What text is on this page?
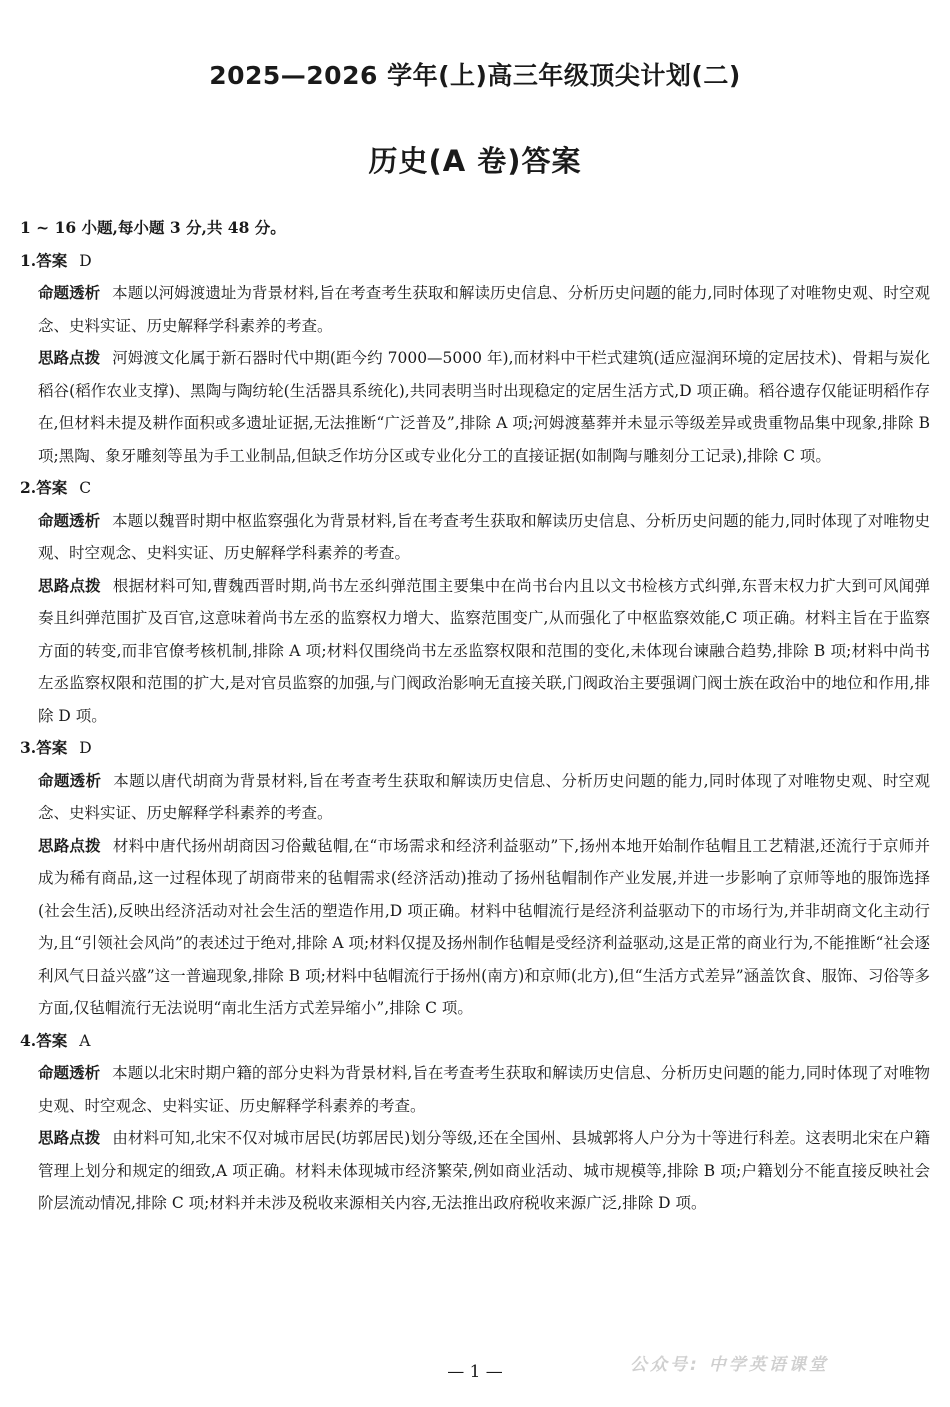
2025—2026 学年(上)高三年级顶尖计划(二)
历史(A 卷)答案
1 ~ 16 小题,每小题 3 分,共 48 分。
1.答案 D
命题透析 本题以河姆渡遗址为背景材料,旨在考查考生获取和解读历史信息、分析历史问题的能力,同时体现了对唯物史观、时空观念、史料实证、历史解释学科素养的考查。
思路点拨 河姆渡文化属于新石器时代中期(距今约 7000—5000 年),而材料中干栏式建筑(适应湿润环境的定居技术)、骨耜与炭化稻谷(稻作农业支撑)、黑陶与陶纺轮(生活器具系统化),共同表明当时出现稳定的定居生活方式,D 项正确。稻谷遗存仅能证明稻作存在,但材料未提及耕作面积或多遗址证据,无法推断“广泛普及”,排除 A 项;河姆渡墓葬并未显示等级差异或贵重物品集中现象,排除 B 项;黑陶、象牙雕刻等虽为手工业制品,但缺乏作坊分区或专业化分工的直接证据(如制陶与雕刻分工记录),排除 C 项。
2.答案 C
命题透析 本题以魏晋时期中枢监察强化为背景材料,旨在考查考生获取和解读历史信息、分析历史问题的能力,同时体现了对唯物史观、时空观念、史料实证、历史解释学科素养的考查。
思路点拨 根据材料可知,曹魏西晋时期,尚书左丞纠弹范围主要集中在尚书台内且以文书检核方式纠弹,东晋末权力扩大到可风闻弹奏且纠弹范围扩及百官,这意味着尚书左丞的监察权力增大、监察范围变广,从而强化了中枢监察效能,C 项正确。材料主旨在于监察方面的转变,而非官僚考核机制,排除 A 项;材料仅围绕尚书左丞监察权限和范围的变化,未体现台谏融合趋势,排除 B 项;材料中尚书左丞监察权限和范围的扩大,是对官员监察的加强,与门阀政治影响无直接关联,门阀政治主要强调门阀士族在政治中的地位和作用,排除 D 项。
3.答案 D
命题透析 本题以唐代胡商为背景材料,旨在考查考生获取和解读历史信息、分析历史问题的能力,同时体现了对唯物史观、时空观念、史料实证、历史解释学科素养的考查。
思路点拨 材料中唐代扬州胡商因习俗戴毡帽,在“市场需求和经济利益驱动”下,扬州本地开始制作毡帽且工艺精湛,还流行于京师并成为稀有商品,这一过程体现了胡商带来的毡帽需求(经济活动)推动了扬州毡帽制作产业发展,并进一步影响了京师等地的服饰选择(社会生活),反映出经济活动对社会生活的塑造作用,D 项正确。材料中毡帽流行是经济利益驱动下的市场行为,并非胡商文化主动行为,且“引领社会风尚”的表述过于绝对,排除 A 项;材料仅提及扬州制作毡帽是受经济利益驱动,这是正常的商业行为,不能推断“社会逐利风气日益兴盛”这一普遍现象,排除 B 项;材料中毡帽流行于扬州(南方)和京师(北方),但“生活方式差异”涵盖饮食、服饰、习俗等多方面,仅毡帽流行无法说明“南北生活方式差异缩小”,排除 C 项。
4.答案 A
命题透析 本题以北宋时期户籍的部分史料为背景材料,旨在考查考生获取和解读历史信息、分析历史问题的能力,同时体现了对唯物史观、时空观念、史料实证、历史解释学科素养的考查。
思路点拨 由材料可知,北宋不仅对城市居民(坊郭居民)划分等级,还在全国州、县城郭将人户分为十等进行科差。这表明北宋在户籍管理上划分和规定的细致,A 项正确。材料未体现城市经济繁荣,例如商业活动、城市规模等,排除 B 项;户籍划分不能直接反映社会阶层流动情况,排除 C 项;材料并未涉及税收来源相关内容,无法推出政府税收来源广泛,排除 D 项。
公众号: 中学英语课堂
— 1 —
